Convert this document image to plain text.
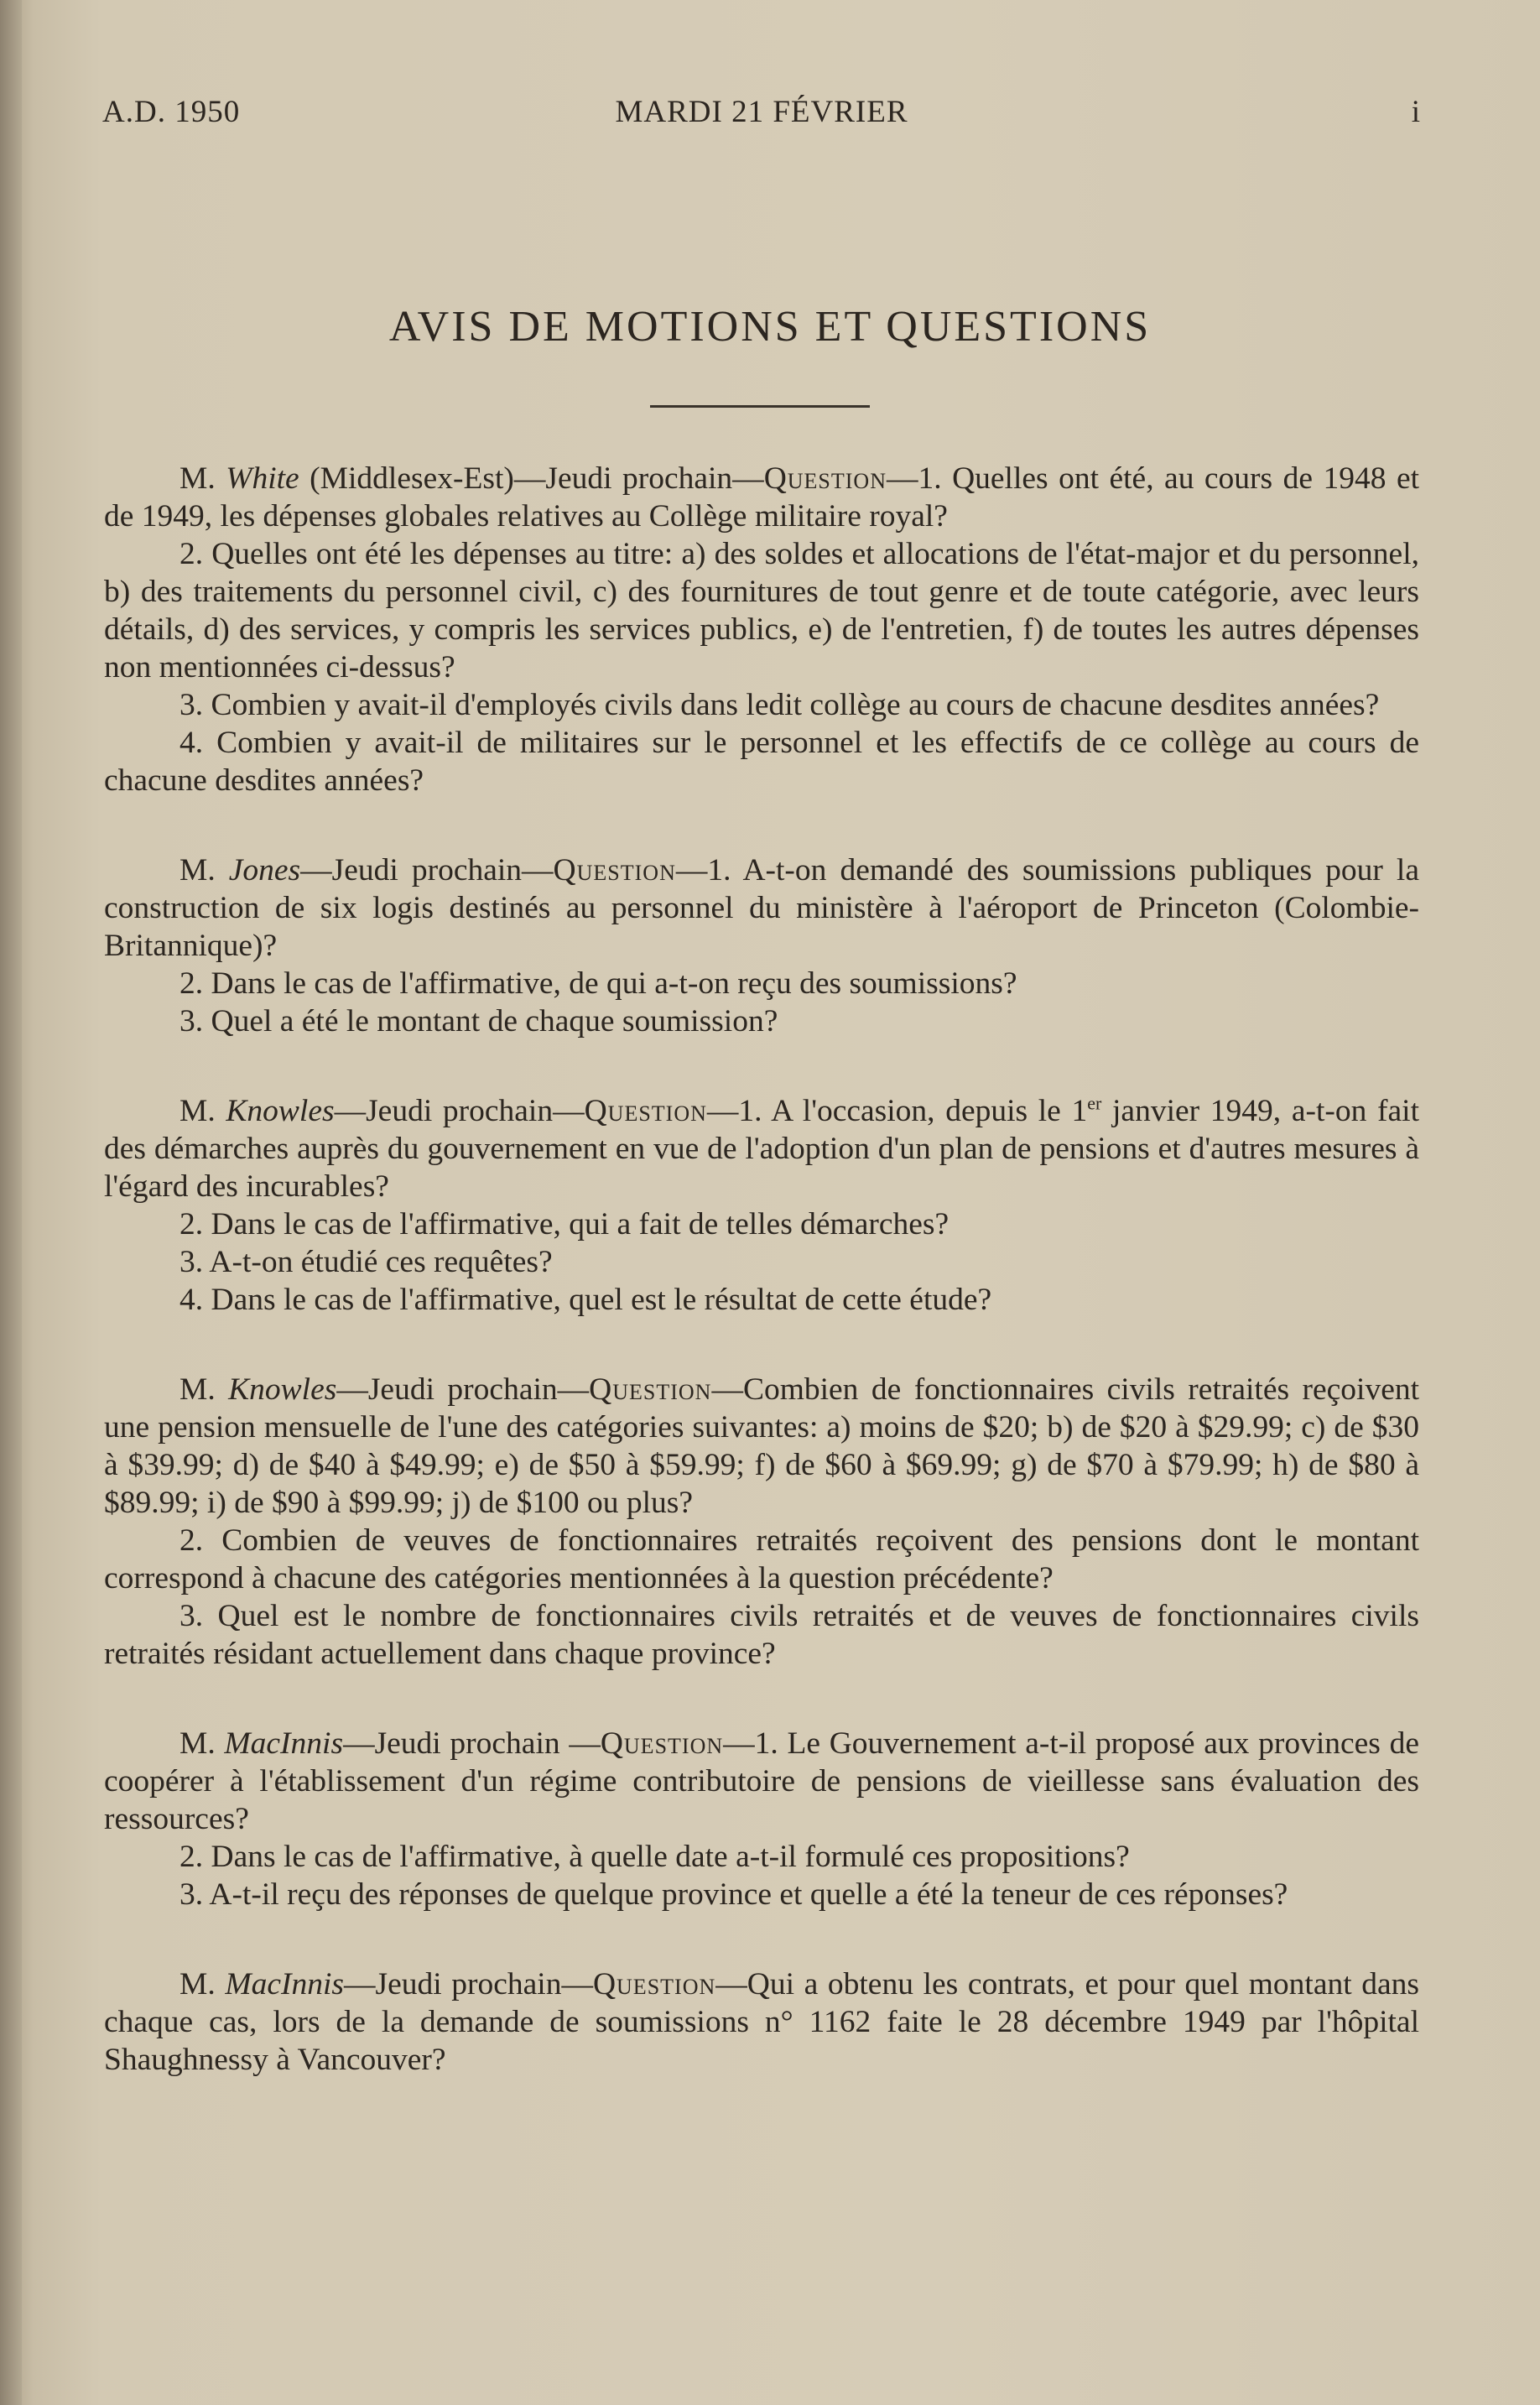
A.D. 1950	MARDI 21 FÉVRIER	i
AVIS DE MOTIONS ET QUESTIONS

M. White (Middlesex-Est)—Jeudi prochain—Question—1. Quelles ont été, au cours de 1948 et de 1949, les dépenses globales relatives au Collège militaire royal?

2. Quelles ont été les dépenses au titre: a) des soldes et allocations de l'état-major et du personnel, b) des traitements du personnel civil, c) des fournitures de tout genre et de toute catégorie, avec leurs détails, d) des services, y compris les services publics, e) de l'entretien, f) de toutes les autres dépenses non mentionnées ci-dessus?

3. Combien y avait-il d'employés civils dans ledit collège au cours de chacune desdites années?

4. Combien y avait-il de militaires sur le personnel et les effectifs de ce collège au cours de chacune desdites années?

M. Jones—Jeudi prochain—Question—1. A-t-on demandé des soumissions publiques pour la construction de six logis destinés au personnel du ministère à l'aéroport de Princeton (Colombie-Britannique)?

2. Dans le cas de l'affirmative, de qui a-t-on reçu des soumissions?

3. Quel a été le montant de chaque soumission?

M. Knowles—Jeudi prochain—Question—1. A l'occasion, depuis le 1er janvier 1949, a-t-on fait des démarches auprès du gouvernement en vue de l'adoption d'un plan de pensions et d'autres mesures à l'égard des incurables?

2. Dans le cas de l'affirmative, qui a fait de telles démarches?

3. A-t-on étudié ces requêtes?

4. Dans le cas de l'affirmative, quel est le résultat de cette étude?

M. Knowles—Jeudi prochain—Question—Combien de fonctionnaires civils retraités reçoivent une pension mensuelle de l'une des catégories suivantes: a) moins de $20; b) de $20 à $29.99; c) de $30 à $39.99; d) de $40 à $49.99; e) de $50 à $59.99; f) de $60 à $69.99; g) de $70 à $79.99; h) de $80 à $89.99; i) de $90 à $99.99; j) de $100 ou plus?

2. Combien de veuves de fonctionnaires retraités reçoivent des pensions dont le montant correspond à chacune des catégories mentionnées à la question précédente?

3. Quel est le nombre de fonctionnaires civils retraités et de veuves de fonctionnaires civils retraités résidant actuellement dans chaque province?

M. MacInnis—Jeudi prochain —Question—1. Le Gouvernement a-t-il proposé aux provinces de coopérer à l'établissement d'un régime contributoire de pensions de vieillesse sans évaluation des ressources?

2. Dans le cas de l'affirmative, à quelle date a-t-il formulé ces propositions?

3. A-t-il reçu des réponses de quelque province et quelle a été la teneur de ces réponses?

M. MacInnis—Jeudi prochain—Question—Qui a obtenu les contrats, et pour quel montant dans chaque cas, lors de la demande de soumissions n° 1162 faite le 28 décembre 1949 par l'hôpital Shaughnessy à Vancouver?
